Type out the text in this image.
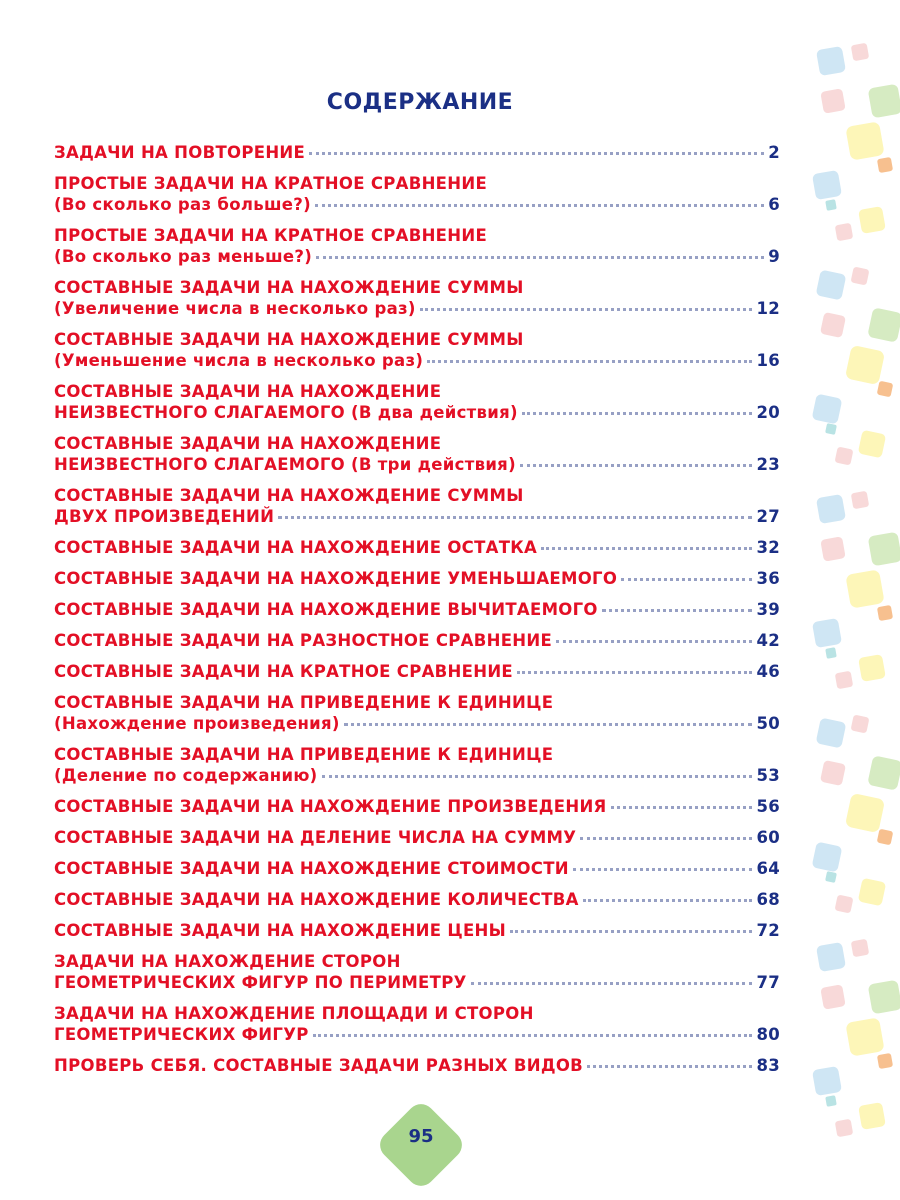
СОДЕРЖАНИЕ
ЗАДАЧИ НА ПОВТОРЕНИЕ	2
ПРОСТЫЕ ЗАДАЧИ НА КРАТНОЕ СРАВНЕНИЕ
(Во сколько раз больше?)	6
ПРОСТЫЕ ЗАДАЧИ НА КРАТНОЕ СРАВНЕНИЕ
(Во сколько раз меньше?)	9
СОСТАВНЫЕ ЗАДАЧИ НА НАХОЖДЕНИЕ СУММЫ
(Увеличение числа в несколько раз)	12
СОСТАВНЫЕ ЗАДАЧИ НА НАХОЖДЕНИЕ СУММЫ
(Уменьшение числа в несколько раз)	16
СОСТАВНЫЕ ЗАДАЧИ НА НАХОЖДЕНИЕ
НЕИЗВЕСТНОГО СЛАГАЕМОГО (В два действия)	20
СОСТАВНЫЕ ЗАДАЧИ НА НАХОЖДЕНИЕ
НЕИЗВЕСТНОГО СЛАГАЕМОГО (В три действия)	23
СОСТАВНЫЕ ЗАДАЧИ НА НАХОЖДЕНИЕ СУММЫ
ДВУХ ПРОИЗВЕДЕНИЙ	27
СОСТАВНЫЕ ЗАДАЧИ НА НАХОЖДЕНИЕ ОСТАТКА	32
СОСТАВНЫЕ ЗАДАЧИ НА НАХОЖДЕНИЕ УМЕНЬШАЕМОГО	36
СОСТАВНЫЕ ЗАДАЧИ НА НАХОЖДЕНИЕ ВЫЧИТАЕМОГО	39
СОСТАВНЫЕ ЗАДАЧИ НА РАЗНОСТНОЕ СРАВНЕНИЕ	42
СОСТАВНЫЕ ЗАДАЧИ НА КРАТНОЕ СРАВНЕНИЕ	46
СОСТАВНЫЕ ЗАДАЧИ НА ПРИВЕДЕНИЕ К ЕДИНИЦЕ
(Нахождение произведения)	50
СОСТАВНЫЕ ЗАДАЧИ НА ПРИВЕДЕНИЕ К ЕДИНИЦЕ
(Деление по содержанию)	53
СОСТАВНЫЕ ЗАДАЧИ НА НАХОЖДЕНИЕ ПРОИЗВЕДЕНИЯ	56
СОСТАВНЫЕ ЗАДАЧИ НА ДЕЛЕНИЕ ЧИСЛА НА СУММУ	60
СОСТАВНЫЕ ЗАДАЧИ НА НАХОЖДЕНИЕ СТОИМОСТИ	64
СОСТАВНЫЕ ЗАДАЧИ НА НАХОЖДЕНИЕ КОЛИЧЕСТВА	68
СОСТАВНЫЕ ЗАДАЧИ НА НАХОЖДЕНИЕ ЦЕНЫ	72
ЗАДАЧИ НА НАХОЖДЕНИЕ СТОРОН
ГЕОМЕТРИЧЕСКИХ ФИГУР ПО ПЕРИМЕТРУ	77
ЗАДАЧИ НА НАХОЖДЕНИЕ ПЛОЩАДИ И СТОРОН
ГЕОМЕТРИЧЕСКИХ ФИГУР	80
ПРОВЕРЬ СЕБЯ. СОСТАВНЫЕ ЗАДАЧИ РАЗНЫХ ВИДОВ	83
95
